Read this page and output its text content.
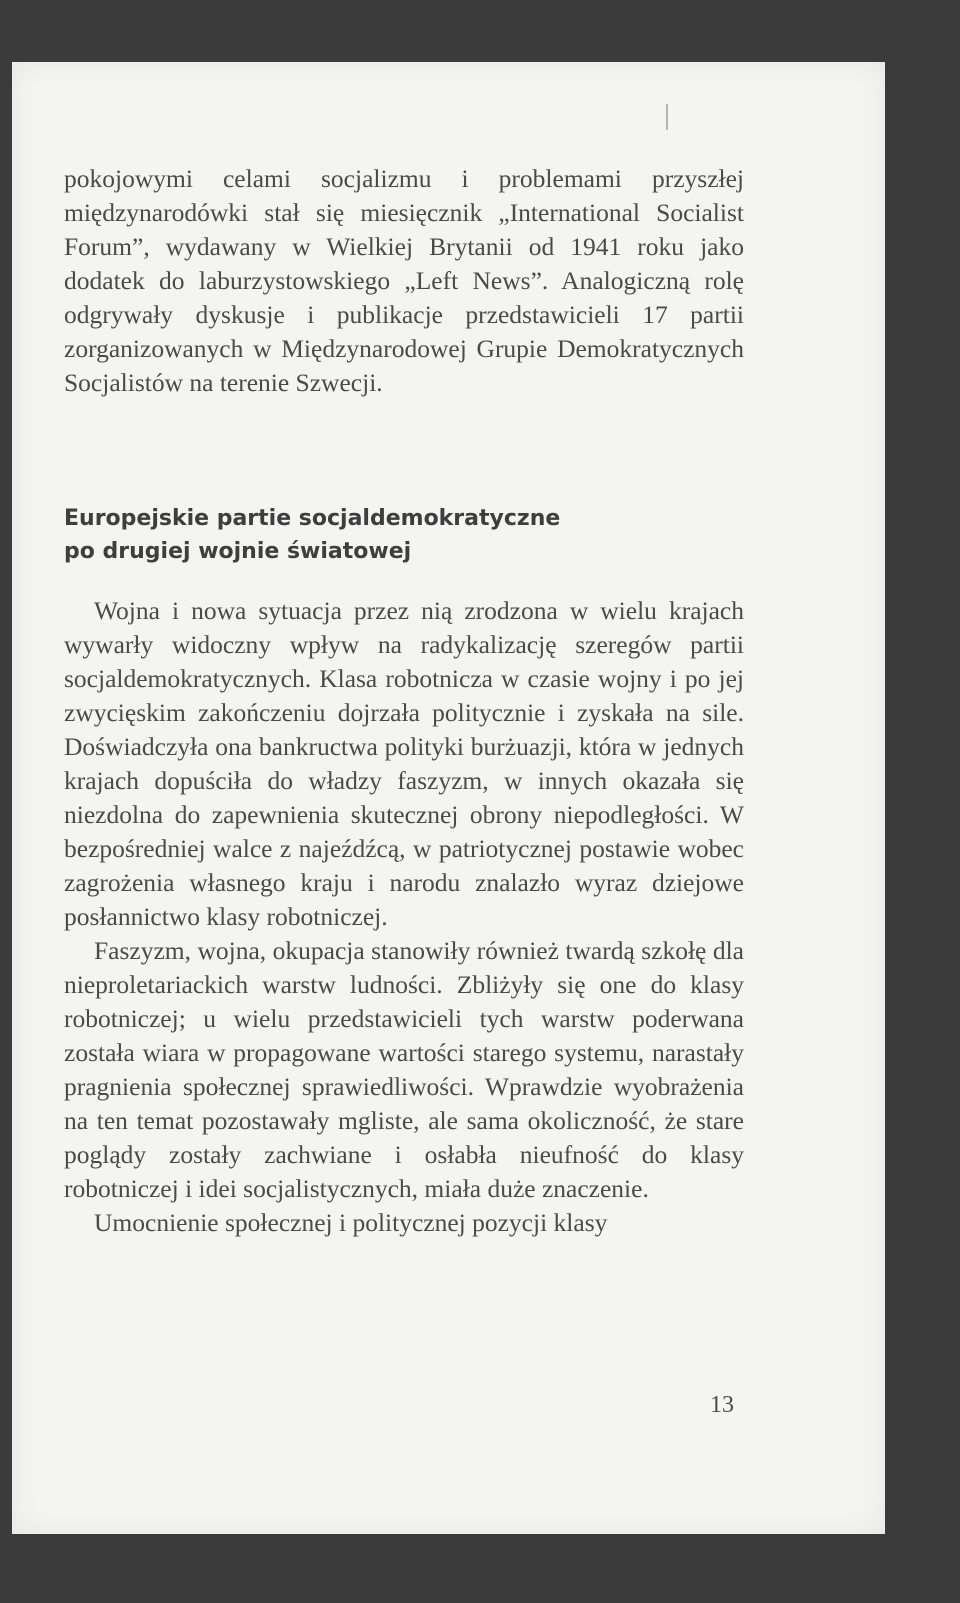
pokojowymi celami socjalizmu i problemami przyszłej międzynarodówki stał się miesięcznik „International Socialist Forum”, wydawany w Wielkiej Brytanii od 1941 roku jako dodatek do laburzystowskiego „Left News”. Analogiczną rolę odgrywały dyskusje i publikacje przedstawicieli 17 partii zorganizowanych w Międzynarodowej Grupie Demokratycznych Socjalistów na terenie Szwecji.

Europejskie partie socjaldemokratyczne
po drugiej wojnie światowej

Wojna i nowa sytuacja przez nią zrodzona w wielu krajach wywarły widoczny wpływ na radykalizację szeregów partii socjaldemokratycznych. Klasa robotnicza w czasie wojny i po jej zwycięskim zakończeniu dojrzała politycznie i zyskała na sile. Doświadczyła ona bankructwa polityki burżuazji, która w jednych krajach dopuściła do władzy faszyzm, w innych okazała się niezdolna do zapewnienia skutecznej obrony niepodległości. W bezpośredniej walce z najeźdźcą, w patriotycznej postawie wobec zagrożenia własnego kraju i narodu znalazło wyraz dziejowe posłannictwo klasy robotniczej.

Faszyzm, wojna, okupacja stanowiły również twardą szkołę dla nieproletariackich warstw ludności. Zbliżyły się one do klasy robotniczej; u wielu przedstawicieli tych warstw poderwana została wiara w propagowane wartości starego systemu, narastały pragnienia społecznej sprawiedliwości. Wprawdzie wyobrażenia na ten temat pozostawały mgliste, ale sama okoliczność, że stare poglądy zostały zachwiane i osłabła nieufność do klasy robotniczej i idei socjalistycznych, miała duże znaczenie.

Umocnienie społecznej i politycznej pozycji klasy

13
